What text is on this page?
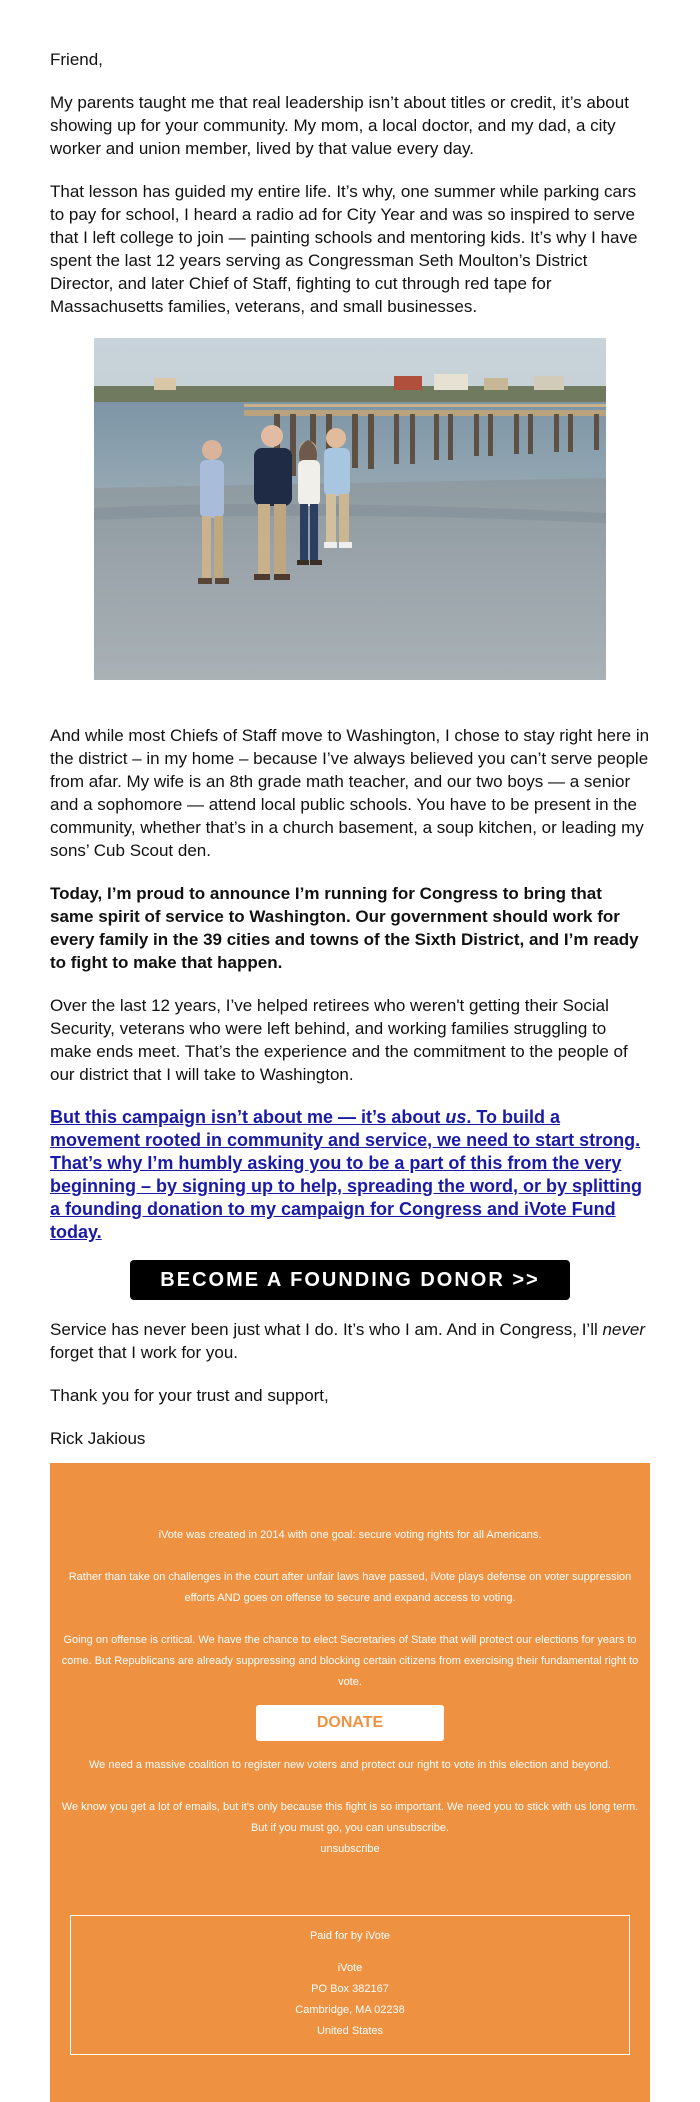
Friend,

My parents taught me that real leadership isn’t about titles or credit, it’s about showing up for your community. My mom, a local doctor, and my dad, a city worker and union member, lived by that value every day.

That lesson has guided my entire life. It’s why, one summer while parking cars to pay for school, I heard a radio ad for City Year and was so inspired to serve that I left college to join — painting schools and mentoring kids. It’s why I have spent the last 12 years serving as Congressman Seth Moulton’s District Director, and later Chief of Staff, fighting to cut through red tape for Massachusetts families, veterans, and small businesses.

And while most Chiefs of Staff move to Washington, I chose to stay right here in the district – in my home – because I’ve always believed you can’t serve people from afar. My wife is an 8th grade math teacher, and our two boys — a senior and a sophomore — attend local public schools. You have to be present in the community, whether that’s in a church basement, a soup kitchen, or leading my sons’ Cub Scout den.

Today, I’m proud to announce I’m running for Congress to bring that same spirit of service to Washington. Our government should work for every family in the 39 cities and towns of the Sixth District, and I’m ready to fight to make that happen.

Over the last 12 years, I’ve helped retirees who weren't getting their Social Security, veterans who were left behind, and working families struggling to make ends meet. That’s the experience and the commitment to the people of our district that I will take to Washington.

But this campaign isn’t about me — it’s about us. To build a movement rooted in community and service, we need to start strong. That’s why I’m humbly asking you to be a part of this from the very beginning – by signing up to help, spreading the word, or by splitting a founding donation to my campaign for Congress and iVote Fund today.

BECOME A FOUNDING DONOR >>

Service has never been just what I do. It’s who I am. And in Congress, I’ll never forget that I work for you.

Thank you for your trust and support,

Rick Jakious

iVote was created in 2014 with one goal: secure voting rights for all Americans.

Rather than take on challenges in the court after unfair laws have passed, iVote plays defense on voter suppression efforts AND goes on offense to secure and expand access to voting.

Going on offense is critical. We have the chance to elect Secretaries of State that will protect our elections for years to come. But Republicans are already suppressing and blocking certain citizens from exercising their fundamental right to vote.

DONATE

We need a massive coalition to register new voters and protect our right to vote in this election and beyond.

We know you get a lot of emails, but it's only because this fight is so important. We need you to stick with us long term. But if you must go, you can unsubscribe.

unsubscribe
Paid for by iVote
iVote
PO Box 382167
Cambridge, MA 02238
United States
